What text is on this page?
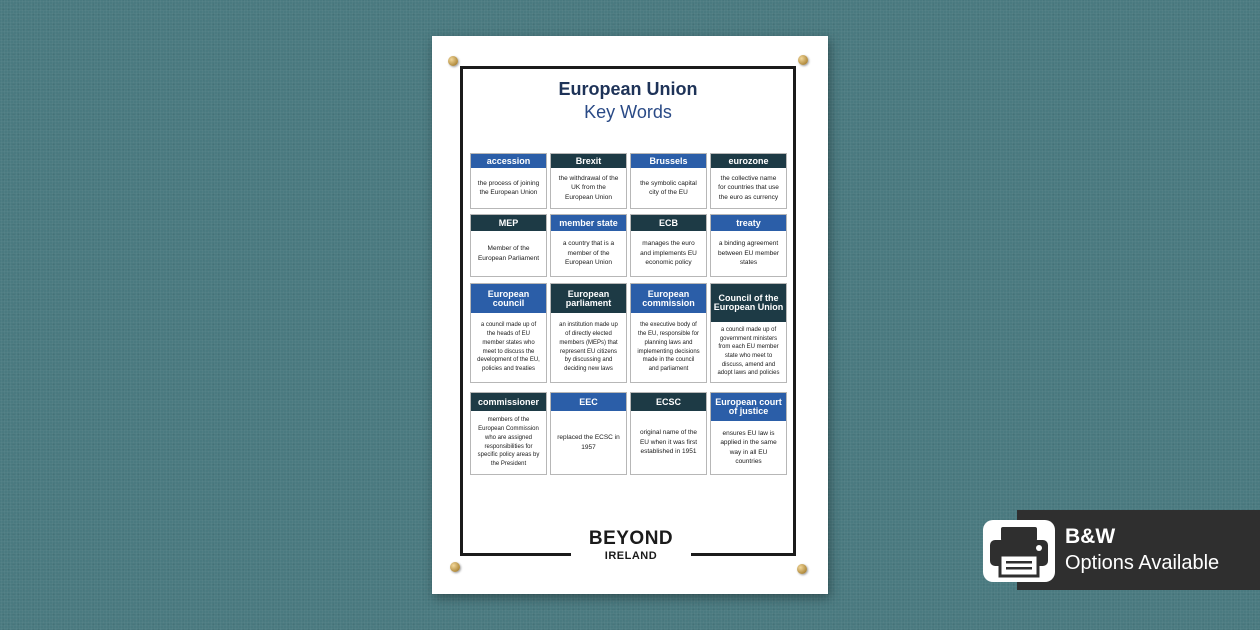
European Union
Key Words
accession
the process of joining the European Union
Brexit
the withdrawal of the UK from the European Union
Brussels
the symbolic capital city of the EU
eurozone
the collective name for countries that use the euro as currency
MEP
Member of the European Parliament
member state
a country that is a member of the European Union
ECB
manages the euro and implements EU economic policy
treaty
a binding agreement between EU member states
European council
a council made up of the heads of EU member states who meet to discuss the development of the EU, policies and treaties
European parliament
an institution made up of directly elected members (MEPs) that represent EU citizens by discussing and deciding new laws
European commission
the executive body of the EU, responsible for planning laws and implementing decisions made in the council and parliament
Council of the European Union
a council made up of government ministers from each EU member state who meet to discuss, amend and adopt laws and policies
commissioner
members of the European Commission who are assigned responsibilities for specific policy areas by the President
EEC
replaced the ECSC in 1957
ECSC
original name of the EU when it was first established in 1951
European court of justice
ensures EU law is applied in the same way in all EU countries
BEYOND
IRELAND
B&W
Options Available
